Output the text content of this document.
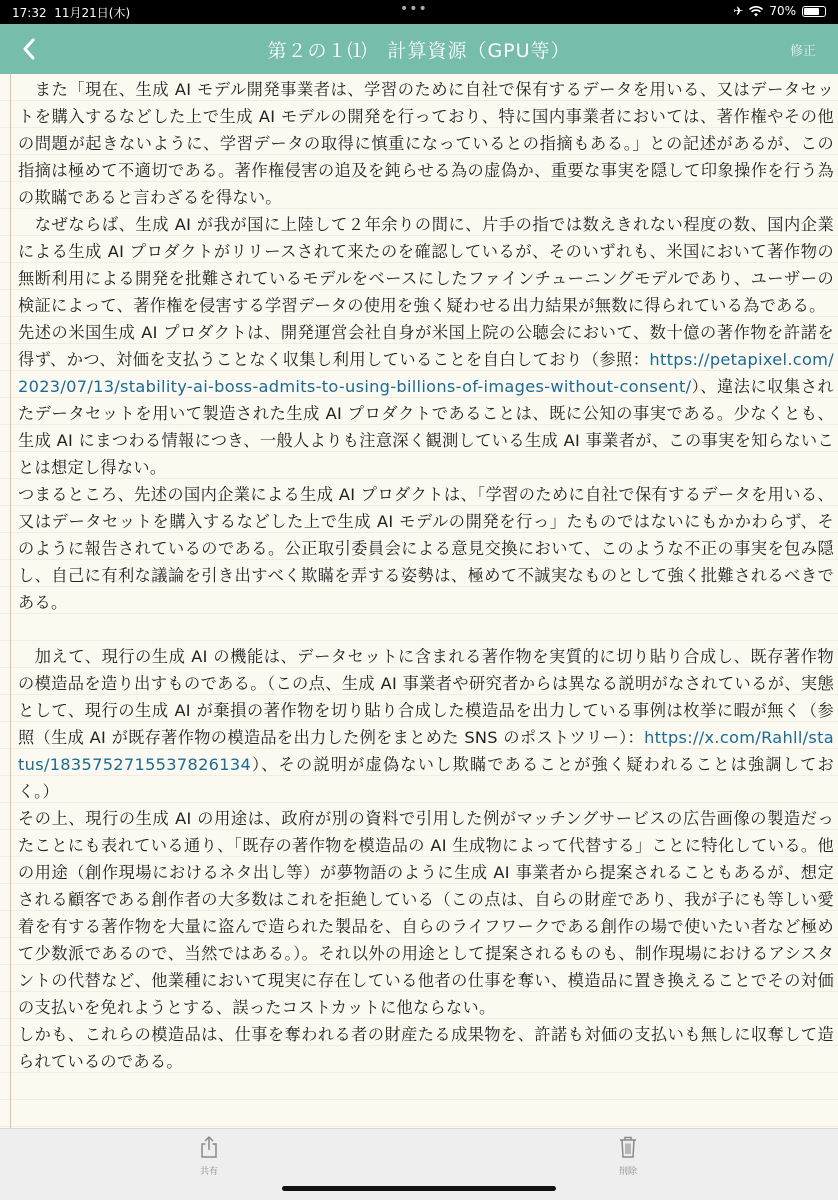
17:32 11月21日(木)	•••	✈ 70%
第２の１⑴　計算資源（GPU等）	修正

　また「現在、生成 AI モデル開発事業者は、学習のために自社で保有するデータを用いる、又はデータセットを購入するなどした上で生成 AI モデルの開発を行っており、特に国内事業者においては、著作権やその他の問題が起きないように、学習データの取得に慎重になっているとの指摘もある。」との記述があるが、この指摘は極めて不適切である。著作権侵害の追及を鈍らせる為の虚偽か、重要な事実を隠して印象操作を行う為の欺瞞であると言わざるを得ない。

　なぜならば、生成 AI が我が国に上陸して２年余りの間に、片手の指では数えきれない程度の数、国内企業による生成 AI プロダクトがリリースされて来たのを確認しているが、そのいずれも、米国において著作物の無断利用による開発を批難されているモデルをベースにしたファインチューニングモデルであり、ユーザーの検証によって、著作権を侵害する学習データの使用を強く疑わせる出力結果が無数に得られている為である。

先述の米国生成 AI プロダクトは、開発運営会社自身が米国上院の公聴会において、数十億の著作物を許諾を得ず、かつ、対価を支払うことなく収集し利用していることを自白しており（参照：https://petapixel.com/2023/07/13/stability-ai-boss-admits-to-using-billions-of-images-without-consent/）、違法に収集されたデータセットを用いて製造された生成 AI プロダクトであることは、既に公知の事実である。少なくとも、生成 AI にまつわる情報につき、一般人よりも注意深く観測している生成 AI 事業者が、この事実を知らないことは想定し得ない。

つまるところ、先述の国内企業による生成 AI プロダクトは、「学習のために自社で保有するデータを用いる、又はデータセットを購入するなどした上で生成 AI モデルの開発を行っ」たものではないにもかかわらず、そのように報告されているのである。公正取引委員会による意見交換において、このような不正の事実を包み隠し、自己に有利な議論を引き出すべく欺瞞を弄する姿勢は、極めて不誠実なものとして強く批難されるべきである。

　加えて、現行の生成 AI の機能は、データセットに含まれる著作物を実質的に切り貼り合成し、既存著作物の模造品を造り出すものである。（この点、生成 AI 事業者や研究者からは異なる説明がなされているが、実態として、現行の生成 AI が棄損の著作物を切り貼り合成した模造品を出力している事例は枚挙に暇が無く（参照（生成 AI が既存著作物の模造品を出力した例をまとめた SNS のポストツリー）：https://x.com/Rahll/status/1835752715537826134）、その説明が虚偽ないし欺瞞であることが強く疑われることは強調しておく。）

その上、現行の生成 AI の用途は、政府が別の資料で引用した例がマッチングサービスの広告画像の製造だったことにも表れている通り、「既存の著作物を模造品の AI 生成物によって代替する」ことに特化している。他の用途（創作現場におけるネタ出し等）が夢物語のように生成 AI 事業者から提案されることもあるが、想定される顧客である創作者の大多数はこれを拒絶している（この点は、自らの財産であり、我が子にも等しい愛着を有する著作物を大量に盗んで造られた製品を、自らのライフワークである創作の場で使いたい者など極めて少数派であるので、当然ではある。）。それ以外の用途として提案されるものも、制作現場におけるアシスタントの代替など、他業種において現実に存在している他者の仕事を奪い、模造品に置き換えることでその対価の支払いを免れようとする、誤ったコストカットに他ならない。

しかも、これらの模造品は、仕事を奪われる者の財産たる成果物を、許諾も対価の支払いも無しに収奪して造られているのである。

共有	削除
